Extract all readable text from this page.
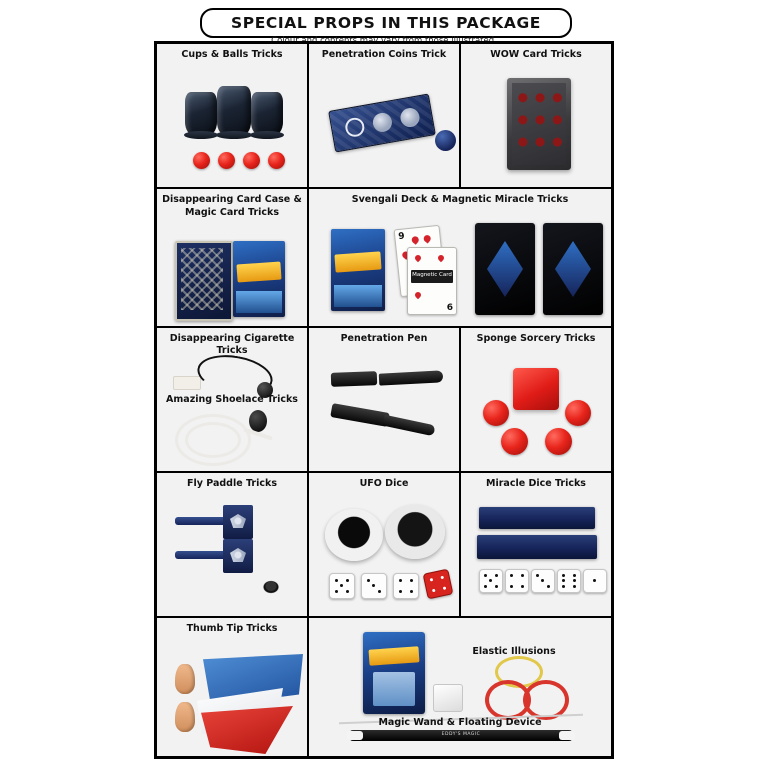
SPECIAL PROPS IN THIS PACKAGE
Cups & Balls Tricks	Penetration Coins Trick	WOW Card Tricks
Disappearing Card Case &
Magic Card Tricks
Svengali Deck & Magnetic Miracle Tricks
9
Magnetic Card
6
Disappearing Cigarette Tricks
Amazing Shoelace Tricks
Penetration Pen	Sponge Sorcery Tricks
Fly Paddle Tricks	UFO Dice	Miracle Dice Tricks
Thumb Tip Tricks
Elastic Illusions
Magic Wand & Floating Device
EDDY'S MAGIC
